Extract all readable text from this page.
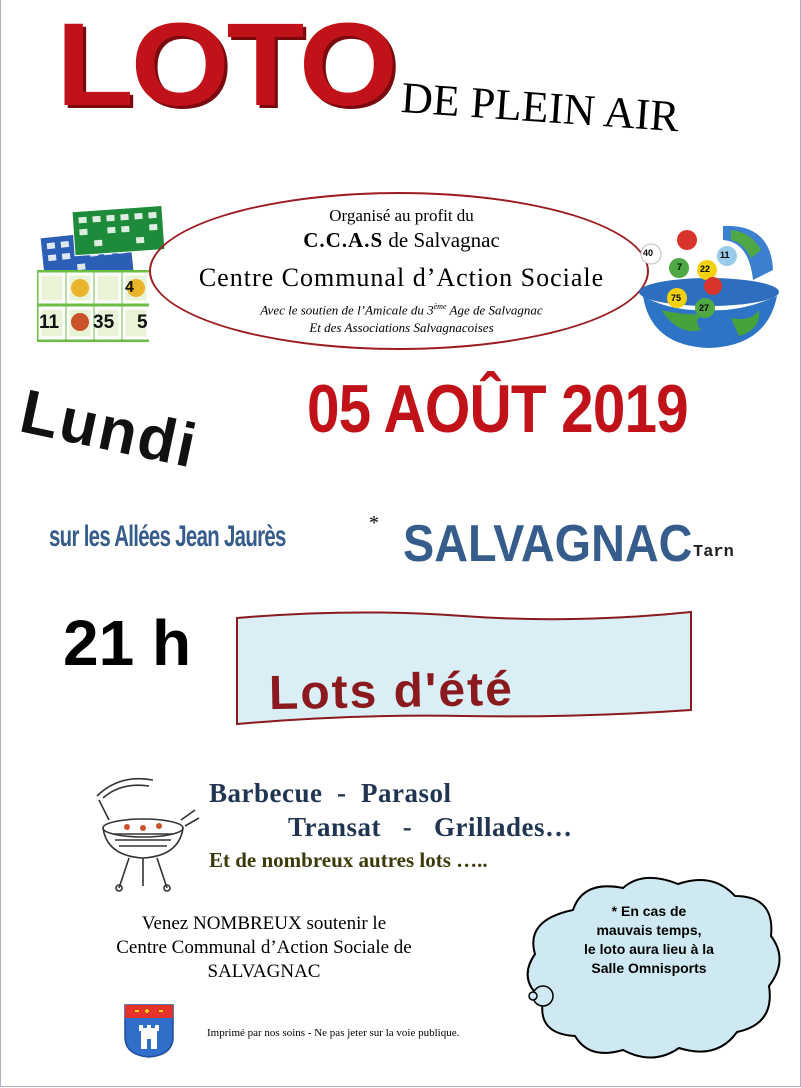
LOTO DE PLEIN AIR
11 35
4
5
Organisé au profit du
C.C.A.S de Salvagnac
Centre Communal d’Action Sociale
Avec le soutien de l’Amicale du 3ème Age de Salvagnac
Et des Associations Salvagnacoises
40
7 22
11
75
27
Lundi 05 AOÛT 2019
sur les Allées Jean Jaurès	* SALVAGNAC Tarn
21 h
Lots d'été
Barbecue  -  Parasol
Transat   -   Grillades…
Et de nombreux autres lots …..
Venez NOMBREUX soutenir le
Centre Communal d’Action Sociale de
SALVAGNAC
* En cas de
mauvais temps,
le loto aura lieu à la
Salle Omnisports
Imprimé par nos soins - Ne pas jeter sur la voie publique.
